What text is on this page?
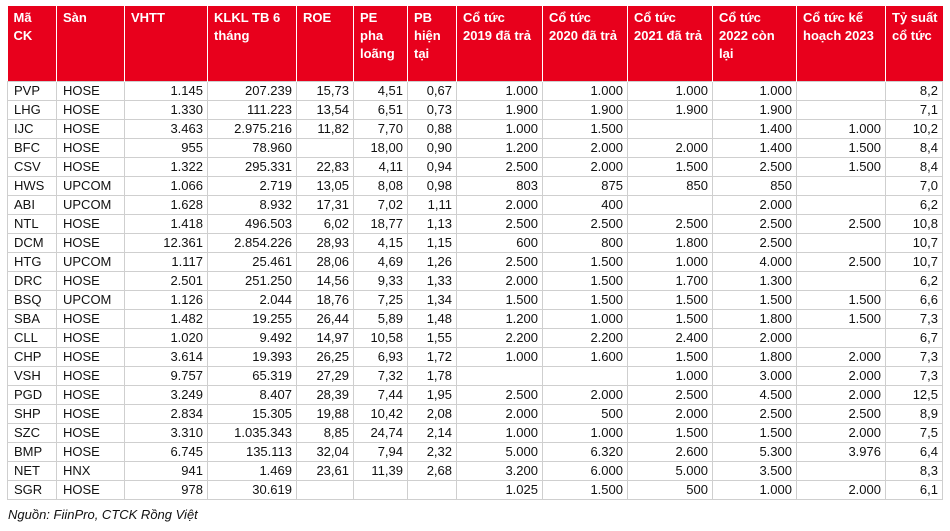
Mã CK	Sàn	VHTT	KLKL TB 6 tháng	ROE	PE pha loãng	PB hiện tại	Cổ tức 2019 đã trả	Cổ tức 2020 đã trả	Cổ tức 2021 đã trả	Cổ tức 2022 còn lại	Cổ tức kế hoạch 2023	Tỷ suất cổ tức
PVP	HOSE	1.145	207.239	15,73	4,51	0,67	1.000	1.000	1.000	1.000		8,2
LHG	HOSE	1.330	111.223	13,54	6,51	0,73	1.900	1.900	1.900	1.900		7,1
IJC	HOSE	3.463	2.975.216	11,82	7,70	0,88	1.000	1.500		1.400	1.000	10,2
BFC	HOSE	955	78.960		18,00	0,90	1.200	2.000	2.000	1.400	1.500	8,4
CSV	HOSE	1.322	295.331	22,83	4,11	0,94	2.500	2.000	1.500	2.500	1.500	8,4
HWS	UPCOM	1.066	2.719	13,05	8,08	0,98	803	875	850	850		7,0
ABI	UPCOM	1.628	8.932	17,31	7,02	1,11	2.000	400		2.000		6,2
NTL	HOSE	1.418	496.503	6,02	18,77	1,13	2.500	2.500	2.500	2.500	2.500	10,8
DCM	HOSE	12.361	2.854.226	28,93	4,15	1,15	600	800	1.800	2.500		10,7
HTG	UPCOM	1.117	25.461	28,06	4,69	1,26	2.500	1.500	1.000	4.000	2.500	10,7
DRC	HOSE	2.501	251.250	14,56	9,33	1,33	2.000	1.500	1.700	1.300		6,2
BSQ	UPCOM	1.126	2.044	18,76	7,25	1,34	1.500	1.500	1.500	1.500	1.500	6,6
SBA	HOSE	1.482	19.255	26,44	5,89	1,48	1.200	1.000	1.500	1.800	1.500	7,3
CLL	HOSE	1.020	9.492	14,97	10,58	1,55	2.200	2.200	2.400	2.000		6,7
CHP	HOSE	3.614	19.393	26,25	6,93	1,72	1.000	1.600	1.500	1.800	2.000	7,3
VSH	HOSE	9.757	65.319	27,29	7,32	1,78			1.000	3.000	2.000	7,3
PGD	HOSE	3.249	8.407	28,39	7,44	1,95	2.500	2.000	2.500	4.500	2.000	12,5
SHP	HOSE	2.834	15.305	19,88	10,42	2,08	2.000	500	2.000	2.500	2.500	8,9
SZC	HOSE	3.310	1.035.343	8,85	24,74	2,14	1.000	1.000	1.500	1.500	2.000	7,5
BMP	HOSE	6.745	135.113	32,04	7,94	2,32	5.000	6.320	2.600	5.300	3.976	6,4
NET	HNX	941	1.469	23,61	11,39	2,68	3.200	6.000	5.000	3.500		8,3
SGR	HOSE	978	30.619				1.025	1.500	500	1.000	2.000	6,1
Nguồn: FiinPro, CTCK Rồng Việt
